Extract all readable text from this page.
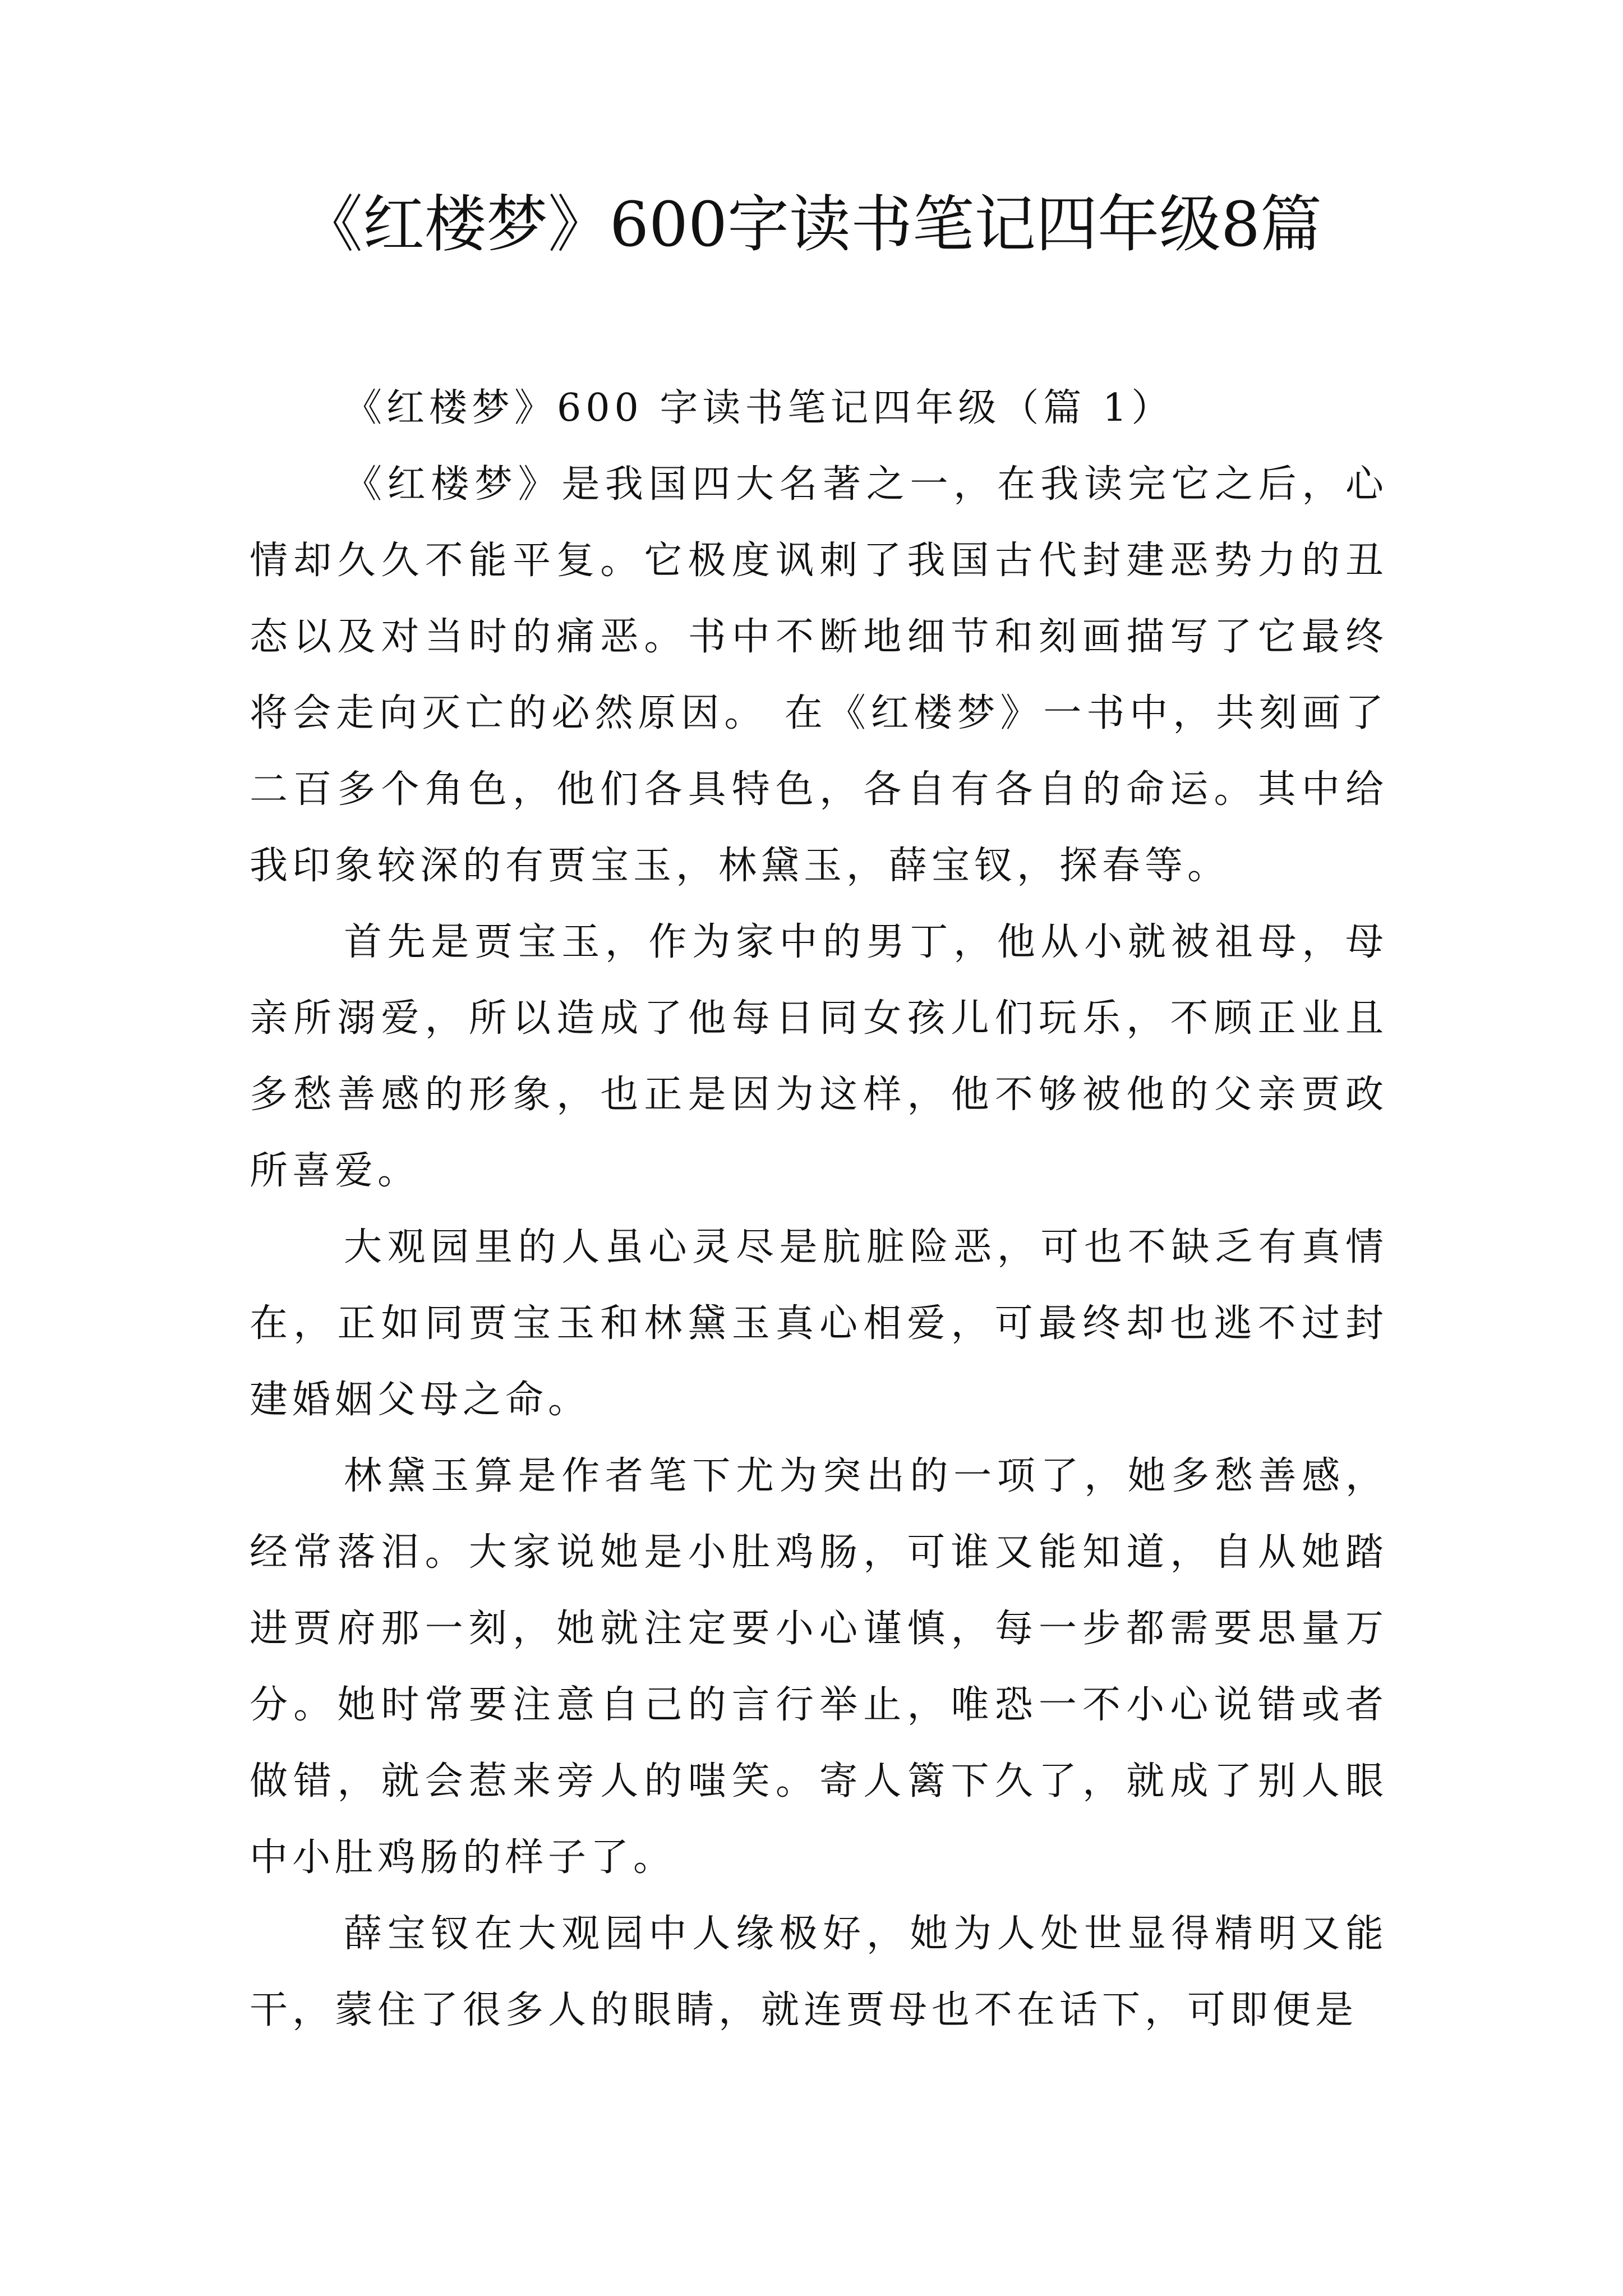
《红楼梦》600字读书笔记四年级8篇

《红楼梦》600 字读书笔记四年级（篇 1）

《红楼梦》是我国四大名著之一，在我读完它之后，心情却久久不能平复。它极度讽刺了我国古代封建恶势力的丑态以及对当时的痛恶。书中不断地细节和刻画描写了它最终将会走向灭亡的必然原因。 在《红楼梦》一书中，共刻画了二百多个角色，他们各具特色，各自有各自的命运。其中给我印象较深的有贾宝玉，林黛玉，薛宝钗，探春等。

首先是贾宝玉，作为家中的男丁，他从小就被祖母，母亲所溺爱，所以造成了他每日同女孩儿们玩乐，不顾正业且多愁善感的形象，也正是因为这样，他不够被他的父亲贾政所喜爱。

大观园里的人虽心灵尽是肮脏险恶，可也不缺乏有真情在，正如同贾宝玉和林黛玉真心相爱，可最终却也逃不过封建婚姻父母之命。

林黛玉算是作者笔下尤为突出的一项了，她多愁善感，经常落泪。大家说她是小肚鸡肠，可谁又能知道，自从她踏进贾府那一刻，她就注定要小心谨慎，每一步都需要思量万分。她时常要注意自己的言行举止，唯恐一不小心说错或者做错，就会惹来旁人的嗤笑。寄人篱下久了，就成了别人眼中小肚鸡肠的样子了。

薛宝钗在大观园中人缘极好，她为人处世显得精明又能干，蒙住了很多人的眼睛，就连贾母也不在话下，可即便是
